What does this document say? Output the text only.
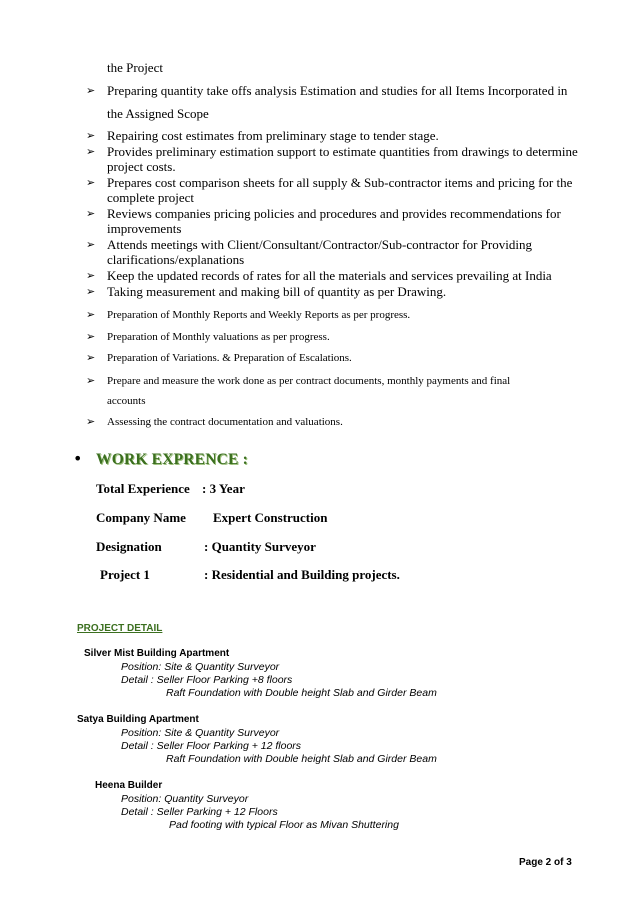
the Project
➢ Preparing quantity take offs analysis Estimation and studies for all Items Incorporated in
the Assigned Scope
➢ Repairing cost estimates from preliminary stage to tender stage.
➢ Provides preliminary estimation support to estimate quantities from drawings to determine
project costs.
➢ Prepares cost comparison sheets for all supply & Sub-contractor items and pricing for the
complete project
➢ Reviews companies pricing policies and procedures and provides recommendations for
improvements
➢ Attends meetings with Client/Consultant/Contractor/Sub-contractor for Providing
clarifications/explanations
➢ Keep the updated records of rates for all the materials and services prevailing at India
➢ Taking measurement and making bill of quantity as per Drawing.
➢ Preparation of Monthly Reports and Weekly Reports as per progress.
➢ Preparation of Monthly valuations as per progress.
➢ Preparation of Variations. & Preparation of Escalations.
➢ Prepare and measure the work done as per contract documents, monthly payments and final
accounts
➢ Assessing the contract documentation and valuations.
• WORK EXPRENCE :
Total Experience : 3 Year
Company Name Expert Construction
Designation	: Quantity Surveyor
Project 1	: Residential and Building projects.
PROJECT DETAIL
Silver Mist Building Apartment
Position: Site & Quantity Surveyor
Detail : Seller Floor Parking +8 floors
Raft Foundation with Double height Slab and Girder Beam
Satya Building Apartment
Position: Site & Quantity Surveyor
Detail : Seller Floor Parking + 12 floors
Raft Foundation with Double height Slab and Girder Beam
Heena Builder
Position: Quantity Surveyor
Detail : Seller Parking + 12 Floors
Pad footing with typical Floor as Mivan Shuttering
Page 2 of 3
